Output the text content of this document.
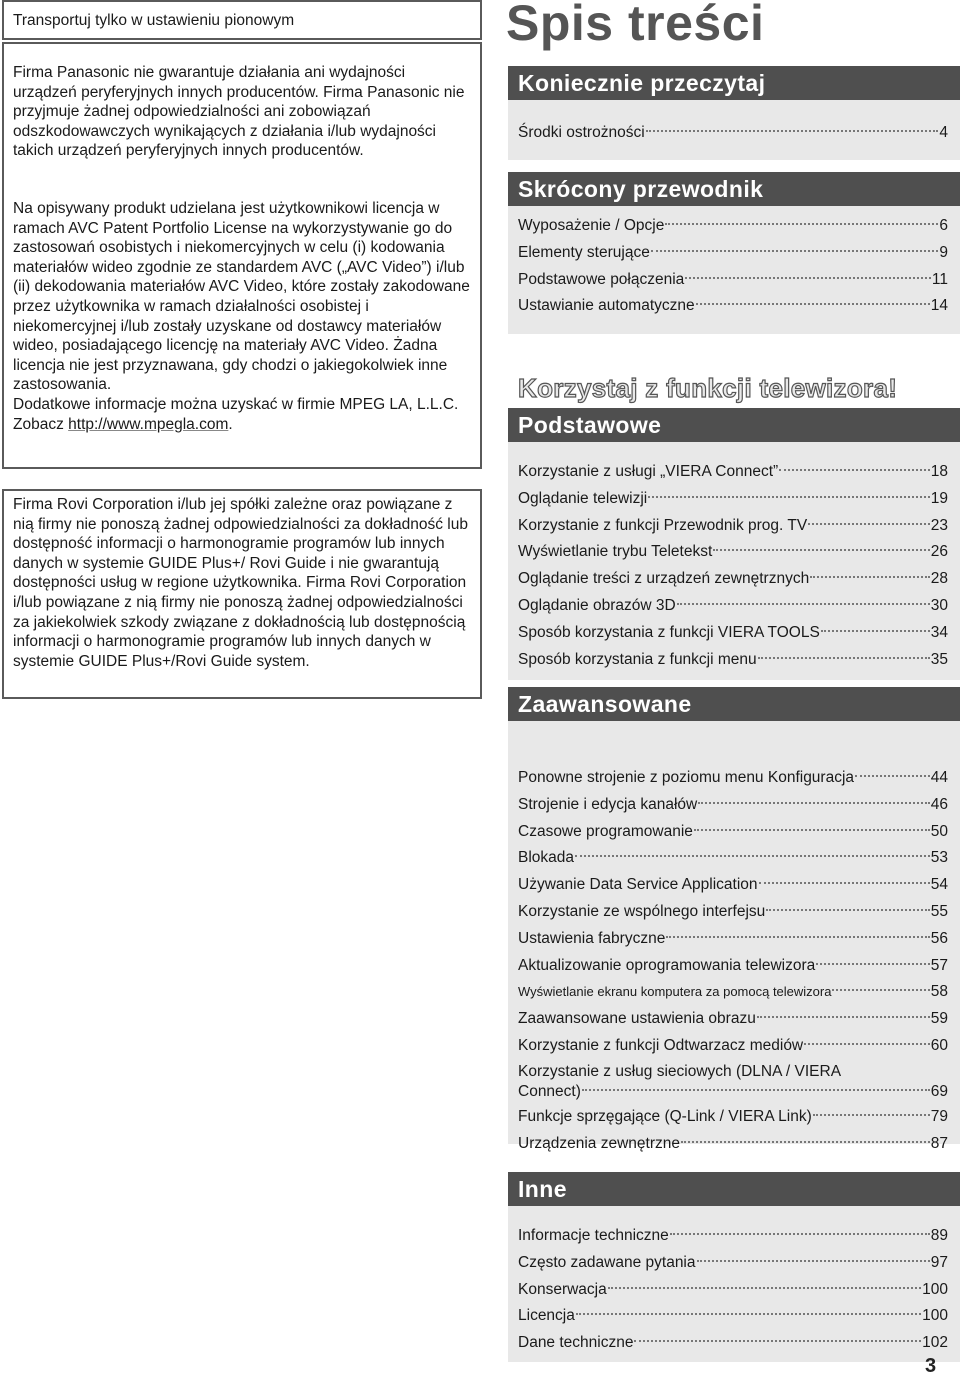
Transportuj tylko w ustawieniu pionowym

Firma Panasonic nie gwarantuje działania ani wydajności urządzeń peryferyjnych innych producentów. Firma Panasonic nie przyjmuje żadnej odpowiedzialności ani zobowiązań odszkodowawczych wynikających z działania i/lub wydajności takich urządzeń peryferyjnych innych producentów.

Na opisywany produkt udzielana jest użytkownikowi licencja w ramach AVC Patent Portfolio License na wykorzystywanie go do zastosowań osobistych i niekomercyjnych w celu (i) kodowania materiałów wideo zgodnie ze standardem AVC („AVC Video”) i/lub (ii) dekodowania materiałów AVC Video, które zostały zakodowane przez użytkownika w ramach działalności osobistej i niekomercyjnej i/lub zostały uzyskane od dostawcy materiałów wideo, posiadającego licencję na materiały AVC Video. Żadna licencja nie jest przyznawana, gdy chodzi o jakiegokolwiek inne zastosowania.

Dodatkowe informacje można uzyskać w firmie MPEG LA, L.L.C.

Zobacz http://www.mpegla.com.

Firma Rovi Corporation i/lub jej spółki zależne oraz powiązane z nią firmy nie ponoszą żadnej odpowiedzialności za dokładność lub dostępność informacji o harmonogramie programów lub innych danych w systemie GUIDE Plus+/ Rovi Guide i nie gwarantują dostępności usług w regione użytkownika. Firma Rovi Corporation i/lub powiązane z nią firmy nie ponoszą żadnej odpowiedzialności za jakiekolwiek szkody związane z dokładnością lub dostępnością informacji o harmonogramie programów lub innych danych w systemie GUIDE Plus+/Rovi Guide system.

Spis treści
Koniecznie przeczytaj
Środki ostrożności	4
Skrócony przewodnik
Wyposażenie / Opcje	6
Elementy sterujące	9
Podstawowe połączenia	11
Ustawianie automatyczne	14
Korzystaj z funkcji telewizora!
Podstawowe
Korzystanie z usługi „VIERA Connect”	18
Oglądanie telewizji	19
Korzystanie z funkcji Przewodnik prog. TV	23
Wyświetlanie trybu Teletekst	26
Oglądanie treści z urządzeń zewnętrznych	28
Oglądanie obrazów 3D	30
Sposób korzystania z funkcji VIERA TOOLS	34
Sposób korzystania z funkcji menu	35
Zaawansowane
Ponowne strojenie z poziomu menu Konfiguracja	44
Strojenie i edycja kanałów	46
Czasowe programowanie	50
Blokada	53
Używanie Data Service Application	54
Korzystanie ze wspólnego interfejsu	55
Ustawienia fabryczne	56
Aktualizowanie oprogramowania telewizora	57
Wyświetlanie ekranu komputera za pomocą telewizora	58
Zaawansowane ustawienia obrazu	59
Korzystanie z funkcji Odtwarzacz mediów	60
Korzystanie z usług sieciowych (DLNA / VIERA
Connect)	69
Funkcje sprzęgające (Q-Link / VIERA Link)	79
Urządzenia zewnętrzne	87
Inne
Informacje techniczne	89
Często zadawane pytania	97
Konserwacja	100
Licencja	100
Dane techniczne	102

3
